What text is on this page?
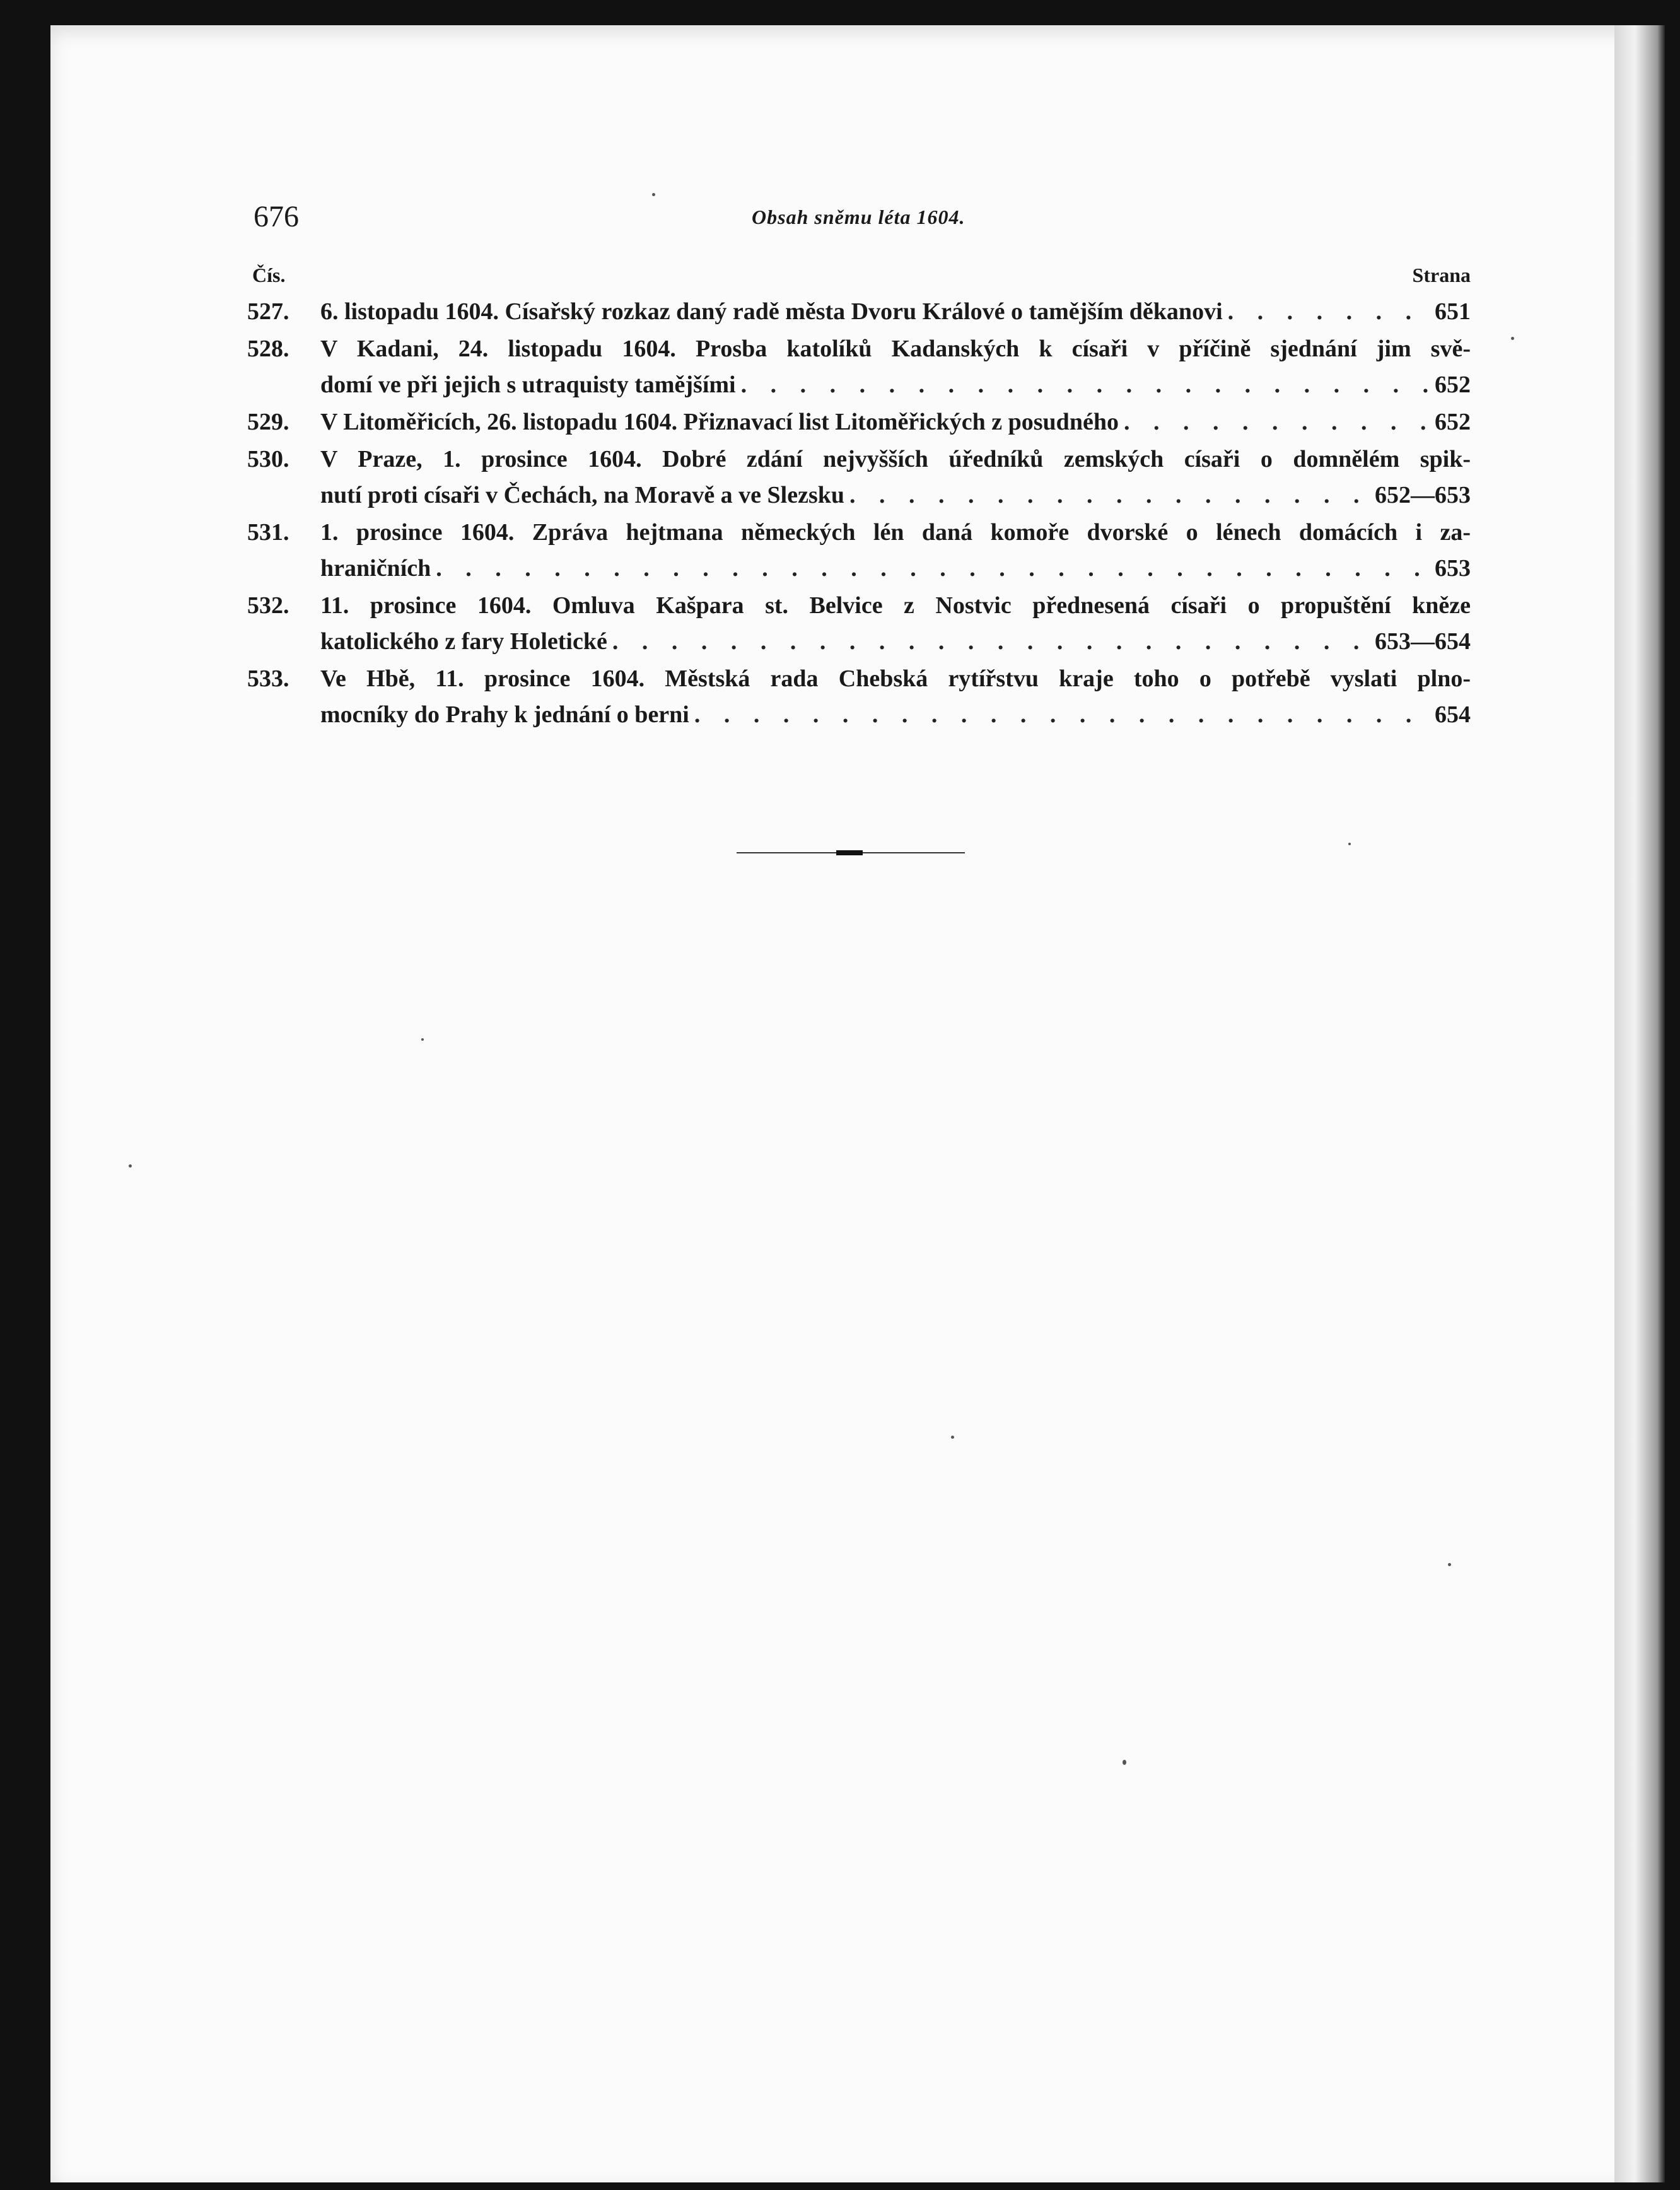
676	Obsah sněmu léta 1604.
Čís.	Strana
527.	6. listopadu 1604. Císařský rozkaz daný radě města Dvoru Králové o tamějším děkanovi . . .	651
528.	V Kadani, 24. listopadu 1604. Prosba katolíků Kadanských k císaři v příčině sjednání jim svě-
domí ve při jejich s utraquisty tamějšími . . .	652
529.	V Litoměřicích, 26. listopadu 1604. Přiznavací list Litoměřických z posudného . . .	652
530.	V Praze, 1. prosince 1604. Dobré zdání nejvyšších úředníků zemských císaři o domnělém spik-
nutí proti císaři v Čechách, na Moravě a ve Slezsku . . .	652—653
531.	1. prosince 1604. Zpráva hejtmana německých lén daná komoře dvorské o lénech domácích i za-
hraničních . . .	653
532.	11. prosince 1604. Omluva Kašpara st. Belvice z Nostvic přednesená císaři o propuštění kněze
katolického z fary Holetické . . .	653—654
533.	Ve Hbě, 11. prosince 1604. Městská rada Chebská rytířstvu kraje toho o potřebě vyslati plno-
mocníky do Prahy k jednání o berni . . .	654
